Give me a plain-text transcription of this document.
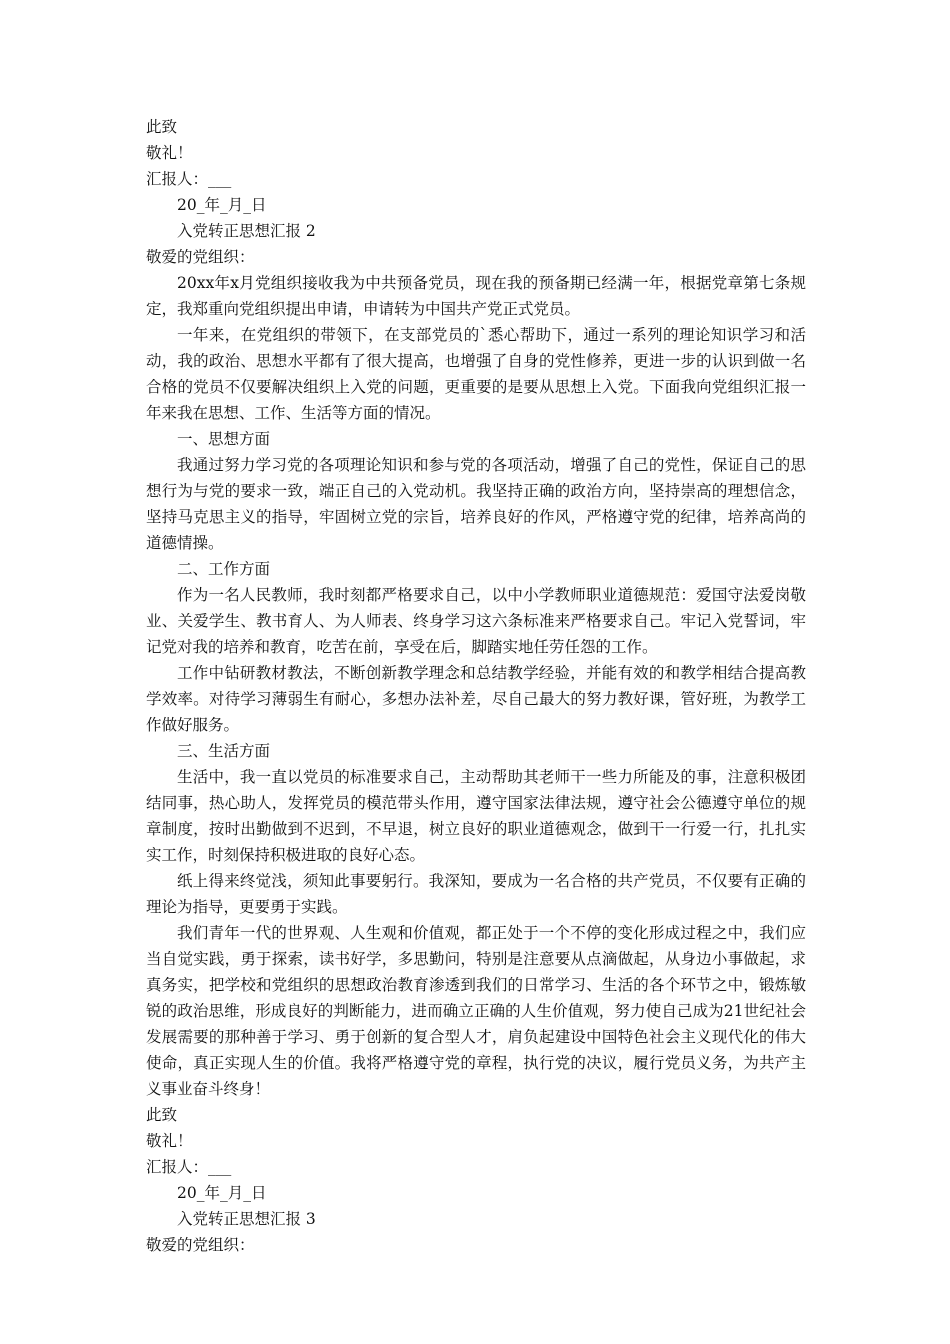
此致
敬礼！
汇报人：___
20_年_月_日
入党转正思想汇报 2
敬爱的党组织：

20xx年x月党组织接收我为中共预备党员，现在我的预备期已经满一年，根据党章第七条规定，我郑重向党组织提出申请，申请转为中国共产党正式党员。

一年来，在党组织的带领下，在支部党员的`悉心帮助下，通过一系列的理论知识学习和活动，我的政治、思想水平都有了很大提高，也增强了自身的党性修养，更进一步的认识到做一名合格的党员不仅要解决组织上入党的问题，更重要的是要从思想上入党。下面我向党组织汇报一年来我在思想、工作、生活等方面的情况。

一、思想方面

我通过努力学习党的各项理论知识和参与党的各项活动，增强了自己的党性，保证自己的思想行为与党的要求一致，端正自己的入党动机。我坚持正确的政治方向，坚持崇高的理想信念，坚持马克思主义的指导，牢固树立党的宗旨，培养良好的作风，严格遵守党的纪律，培养高尚的道德情操。

二、工作方面

作为一名人民教师，我时刻都严格要求自己，以中小学教师职业道德规范：爱国守法爱岗敬业、关爱学生、教书育人、为人师表、终身学习这六条标准来严格要求自己。牢记入党誓词，牢记党对我的培养和教育，吃苦在前，享受在后，脚踏实地任劳任怨的工作。

工作中钻研教材教法，不断创新教学理念和总结教学经验，并能有效的和教学相结合提高教学效率。对待学习薄弱生有耐心，多想办法补差，尽自己最大的努力教好课，管好班，为教学工作做好服务。

三、生活方面

生活中，我一直以党员的标准要求自己，主动帮助其老师干一些力所能及的事，注意积极团结同事，热心助人，发挥党员的模范带头作用，遵守国家法律法规，遵守社会公德遵守单位的规章制度，按时出勤做到不迟到，不早退，树立良好的职业道德观念，做到干一行爱一行，扎扎实实工作，时刻保持积极进取的良好心态。

纸上得来终觉浅，须知此事要躬行。我深知，要成为一名合格的共产党员，不仅要有正确的理论为指导，更要勇于实践。

我们青年一代的世界观、人生观和价值观，都正处于一个不停的变化形成过程之中，我们应当自觉实践，勇于探索，读书好学，多思勤问，特别是注意要从点滴做起，从身边小事做起，求真务实，把学校和党组织的思想政治教育渗透到我们的日常学习、生活的各个环节之中，锻炼敏锐的政治思维，形成良好的判断能力，进而确立正确的人生价值观，努力使自己成为21世纪社会发展需要的那种善于学习、勇于创新的复合型人才，肩负起建设中国特色社会主义现代化的伟大使命，真正实现人生的价值。我将严格遵守党的章程，执行党的决议，履行党员义务，为共产主义事业奋斗终身！

此致
敬礼！
汇报人：___
20_年_月_日
入党转正思想汇报 3
敬爱的党组织：
